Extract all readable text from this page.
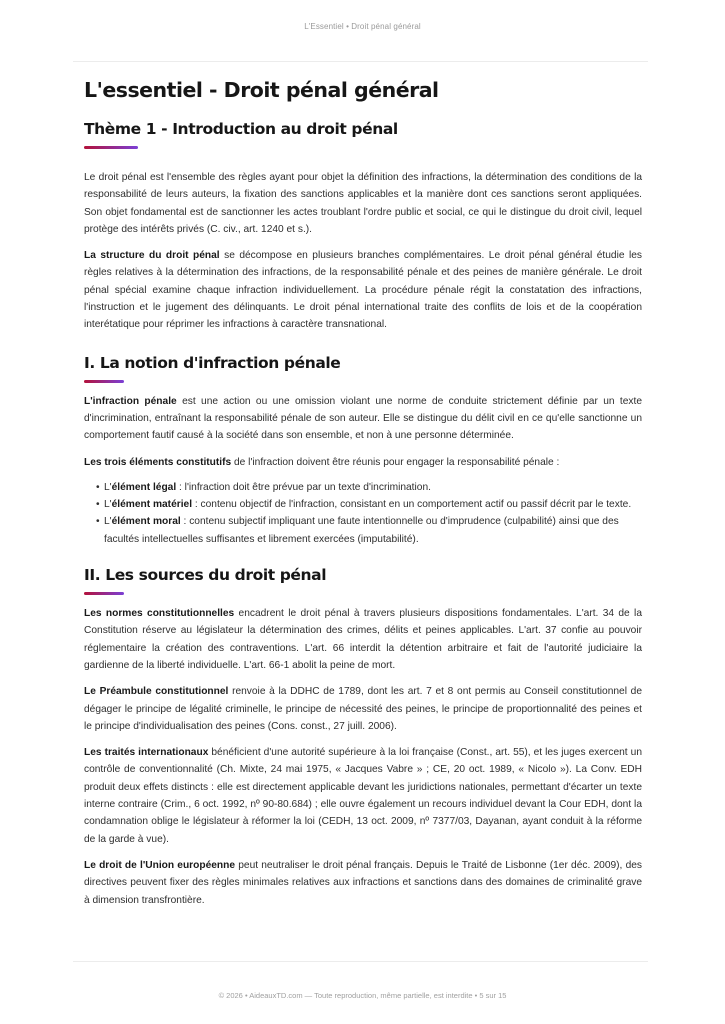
L'Essentiel • Droit pénal général
L'essentiel - Droit pénal général
Thème 1 - Introduction au droit pénal

Le droit pénal est l'ensemble des règles ayant pour objet la définition des infractions, la détermination des conditions de la responsabilité de leurs auteurs, la fixation des sanctions applicables et la manière dont ces sanctions seront appliquées. Son objet fondamental est de sanctionner les actes troublant l'ordre public et social, ce qui le distingue du droit civil, lequel protège des intérêts privés (C. civ., art. 1240 et s.).

La structure du droit pénal se décompose en plusieurs branches complémentaires. Le droit pénal général étudie les règles relatives à la détermination des infractions, de la responsabilité pénale et des peines de manière générale. Le droit pénal spécial examine chaque infraction individuellement. La procédure pénale régit la constatation des infractions, l'instruction et le jugement des délinquants. Le droit pénal international traite des conflits de lois et de la coopération interétatique pour réprimer les infractions à caractère transnational.

I. La notion d'infraction pénale

L'infraction pénale est une action ou une omission violant une norme de conduite strictement définie par un texte d'incrimination, entraînant la responsabilité pénale de son auteur. Elle se distingue du délit civil en ce qu'elle sanctionne un comportement fautif causé à la société dans son ensemble, et non à une personne déterminée.

Les trois éléments constitutifs de l'infraction doivent être réunis pour engager la responsabilité pénale :

• L'élément légal : l'infraction doit être prévue par un texte d'incrimination.
• L'élément matériel : contenu objectif de l'infraction, consistant en un comportement actif ou passif décrit par le texte.
• L'élément moral : contenu subjectif impliquant une faute intentionnelle ou d'imprudence (culpabilité) ainsi que des facultés intellectuelles suffisantes et librement exercées (imputabilité).
II. Les sources du droit pénal

Les normes constitutionnelles encadrent le droit pénal à travers plusieurs dispositions fondamentales. L'art. 34 de la Constitution réserve au législateur la détermination des crimes, délits et peines applicables. L'art. 37 confie au pouvoir réglementaire la création des contraventions. L'art. 66 interdit la détention arbitraire et fait de l'autorité judiciaire la gardienne de la liberté individuelle. L'art. 66-1 abolit la peine de mort.

Le Préambule constitutionnel renvoie à la DDHC de 1789, dont les art. 7 et 8 ont permis au Conseil constitutionnel de dégager le principe de légalité criminelle, le principe de nécessité des peines, le principe de proportionnalité des peines et le principe d'individualisation des peines (Cons. const., 27 juill. 2006).

Les traités internationaux bénéficient d'une autorité supérieure à la loi française (Const., art. 55), et les juges exercent un contrôle de conventionnalité (Ch. Mixte, 24 mai 1975, « Jacques Vabre » ; CE, 20 oct. 1989, « Nicolo »). La Conv. EDH produit deux effets distincts : elle est directement applicable devant les juridictions nationales, permettant d'écarter un texte interne contraire (Crim., 6 oct. 1992, nº 90-80.684) ; elle ouvre également un recours individuel devant la Cour EDH, dont la condamnation oblige le législateur à réformer la loi (CEDH, 13 oct. 2009, nº 7377/03, Dayanan, ayant conduit à la réforme de la garde à vue).

Le droit de l'Union européenne peut neutraliser le droit pénal français. Depuis le Traité de Lisbonne (1er déc. 2009), des directives peuvent fixer des règles minimales relatives aux infractions et sanctions dans des domaines de criminalité grave à dimension transfrontière.

© 2026 • AideauxTD.com — Toute reproduction, même partielle, est interdite • 5 sur 15
